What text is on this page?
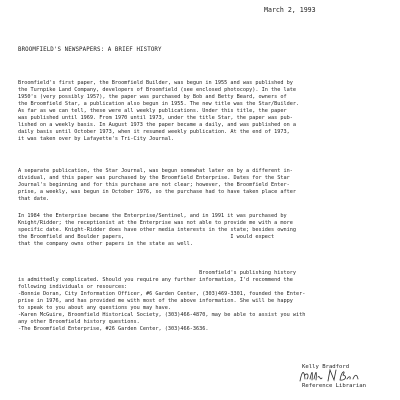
March 2, 1993
BROOMFIELD'S NEWSPAPERS: A BRIEF HISTORY
Broomfield's first paper, the Broomfield Builder, was begun in 1955 and was published by
the Turnpike Land Company, developers of Broomfield (see enclosed photocopy). In the late
1950's (very possibly 1957), the paper was purchased by Bob and Betty Beard, owners of
the Broomfield Star, a publication also begun in 1955. The new title was the Star/Builder.
As far as we can tell, these were all weekly publications. Under this title, the paper
was published until 1969. From 1970 until 1973, under the title Star, the paper was pub-
lished on a weekly basis. In August 1973 the paper became a daily, and was published on a
daily basis until October 1973, when it resumed weekly publication. At the end of 1973,
it was taken over by Lafayette's Tri-City Journal.
A separate publication, the Star Journal, was begun somewhat later on by a different in-
dividual, and this paper was purchased by the Broomfield Enterprise. Dates for the Star
Journal's beginning and for this purchase are not clear; however, the Broomfield Enter-
prise, a weekly, was begun in October 1976, so the purchase had to have taken place after
that date.
In 1984 the Enterprise became the Enterprise/Sentinel, and in 1991 it was purchased by
Knight/Ridder; the receptionist at the Enterprise was not able to provide me with a more
specific date. Knight-Ridder does have other media interests in the state; besides owning
the Broomfield and Boulder papers,                                  I would expect
that the company owns other papers in the state as well.
Broomfield's publishing history
is admittedly complicated. Should you require any further information, I'd recommend the
following individuals or resources:
-Bonnie Doran, City Information Officer, #6 Garden Center, (303)469-3301, founded the Enter-
prise in 1976, and has provided me with most of the above information. She will be happy
to speak to you about any questions you may have.
-Karen McGuire, Broomfield Historical Society, (303)466-4870, may be able to assist you with
any other Broomfield history questions.
-The Broomfield Enterprise, #26 Garden Center, (303)466-3636.
Kelly Bradford
Reference Librarian
